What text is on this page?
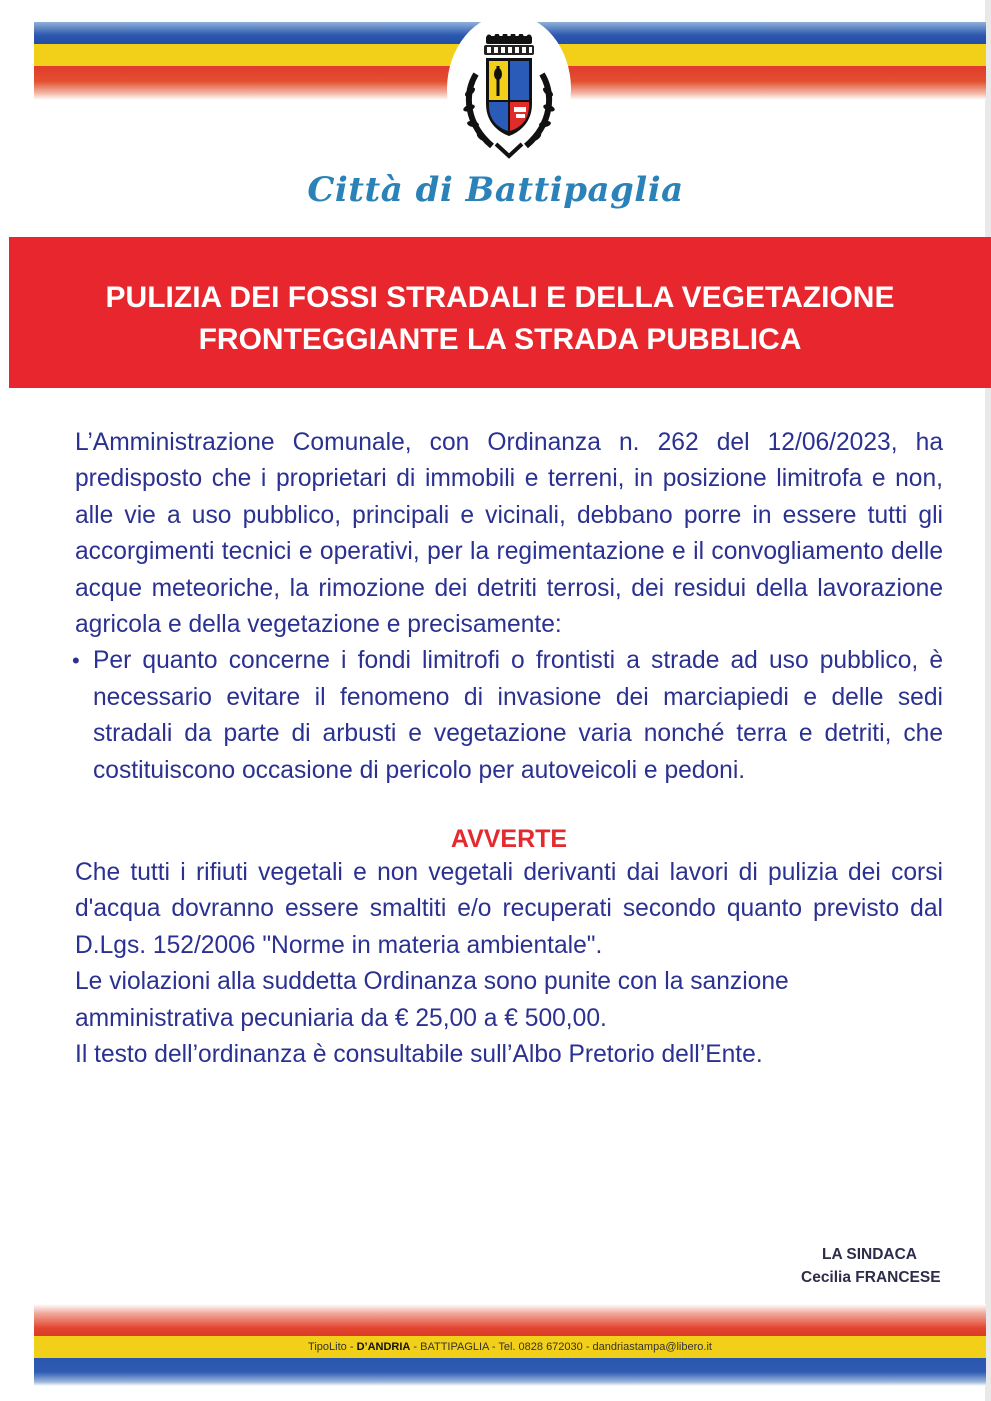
Città di Battipaglia
PULIZIA DEI FOSSI STRADALI E DELLA VEGETAZIONE
FRONTEGGIANTE LA STRADA PUBBLICA

L’Amministrazione Comunale, con Ordinanza n. 262 del 12/06/2023, ha predisposto che i proprietari di immobili e terreni, in posizione limitrofa e non, alle vie a uso pubblico, principali e vicinali, debbano porre in essere tutti gli accorgimenti tecnici e operativi, per la regimentazione e il convogliamento delle acque meteoriche, la rimozione dei detriti terrosi, dei residui della lavorazione agricola e della vegetazione e precisamente:

• Per quanto concerne i fondi limitrofi o frontisti a strade ad uso pubblico, è necessario evitare il fenomeno di invasione dei marciapiedi e delle sedi stradali da parte di arbusti e vegetazione varia nonché terra e detriti, che costituiscono occasione di pericolo per autoveicoli e pedoni.

AVVERTE

Che tutti i rifiuti vegetali e non vegetali derivanti dai lavori di pulizia dei corsi d'acqua dovranno essere smaltiti e/o recuperati secondo quanto previsto dal D.Lgs. 152/2006 "Norme in materia ambientale".

Le violazioni alla suddetta Ordinanza sono punite con la sanzione

amministrativa pecuniaria da € 25,00 a € 500,00.

Il testo dell’ordinanza è consultabile sull’Albo Pretorio dell’Ente.

LA SINDACA
Cecilia FRANCESE
TipoLito - D’ANDRIA - BATTIPAGLIA - Tel. 0828 672030 - dandriastampa@libero.it
